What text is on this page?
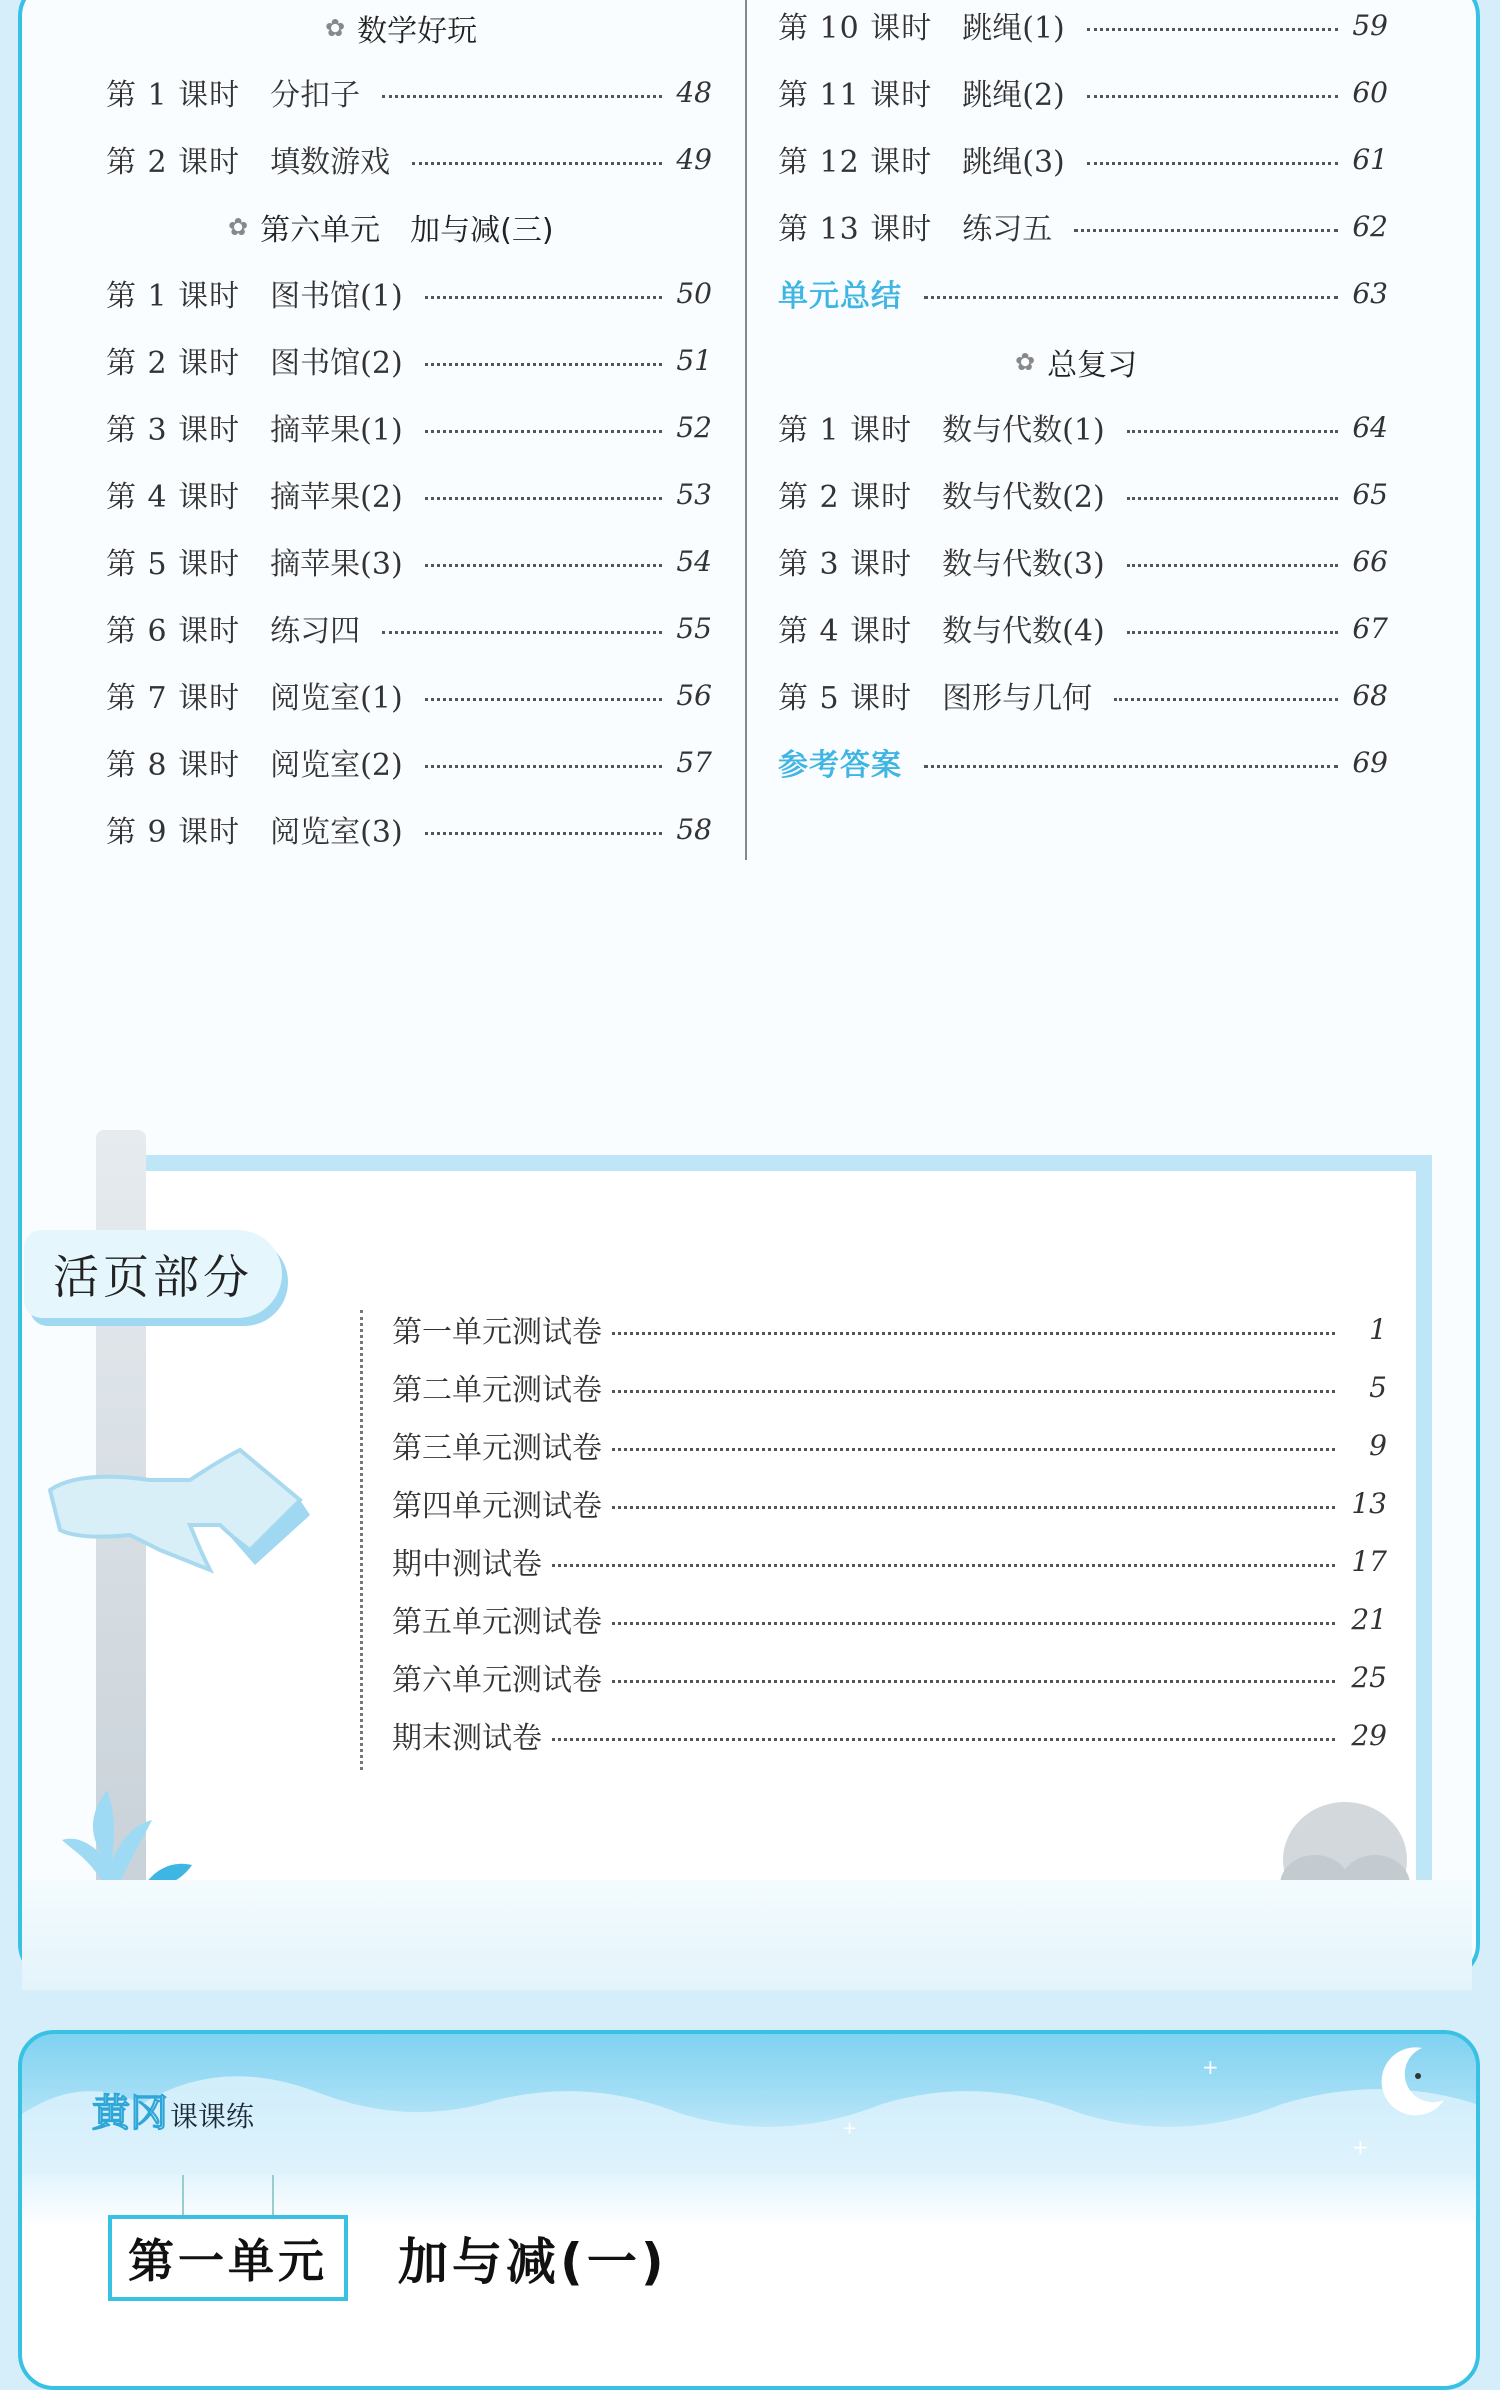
✿ 数学好玩
第 1 课时 分扣子	48
第 2 课时 填数游戏	49
✿ 第六单元　加与减(三)
第 1 课时 图书馆(1)	50
第 2 课时 图书馆(2)	51
第 3 课时 摘苹果(1)	52
第 4 课时 摘苹果(2)	53
第 5 课时 摘苹果(3)	54
第 6 课时 练习四	55
第 7 课时 阅览室(1)	56
第 8 课时 阅览室(2)	57
第 9 课时 阅览室(3)	58
第 10 课时 跳绳(1)	59
第 11 课时 跳绳(2)	60
第 12 课时 跳绳(3)	61
第 13 课时 练习五	62
单元总结	63
✿ 总复习
第 1 课时 数与代数(1)	64
第 2 课时 数与代数(2)	65
第 3 课时 数与代数(3)	66
第 4 课时 数与代数(4)	67
第 5 课时 图形与几何	68
参考答案	69
活页部分
第一单元测试卷	1
第二单元测试卷	5
第三单元测试卷	9
第四单元测试卷	13
期中测试卷	17
第五单元测试卷	21
第六单元测试卷	25
期末测试卷	29
+
+
+
黄冈 课课练
第一单元	加与减(一)
